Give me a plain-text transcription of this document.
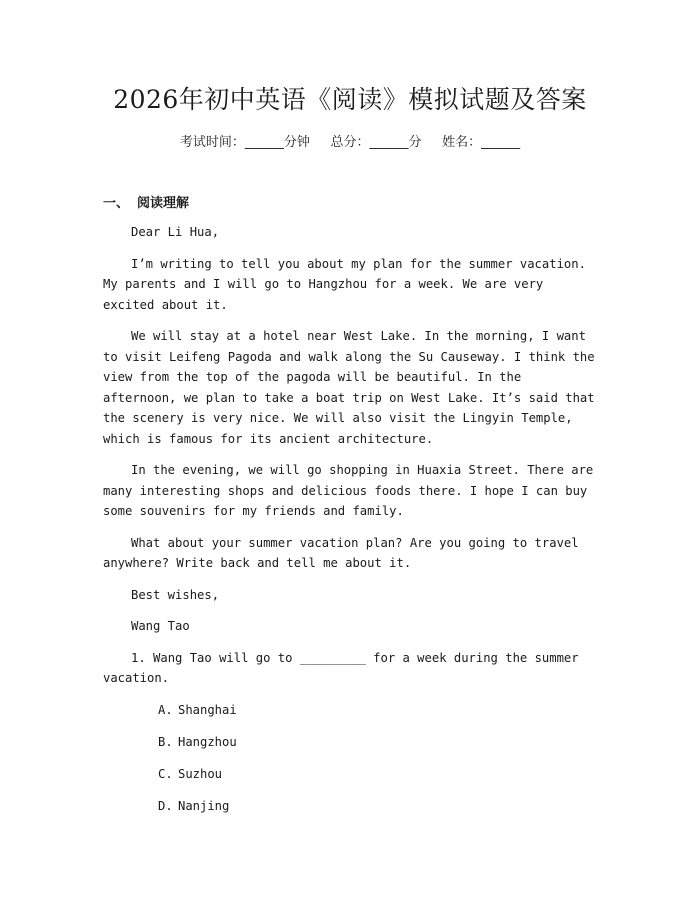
2026年初中英语《阅读》模拟试题及答案
考试时间：______分钟     总分：______分     姓名：______
一、 阅读理解

Dear Li Hua,

I’m writing to tell you about my plan for the summer vacation. My parents and I will go to Hangzhou for a week. We are very excited about it.

We will stay at a hotel near West Lake. In the morning, I want to visit Leifeng Pagoda and walk along the Su Causeway. I think the view from the top of the pagoda will be beautiful. In the afternoon, we plan to take a boat trip on West Lake. It’s said that the scenery is very nice. We will also visit the Lingyin Temple, which is famous for its ancient architecture.

In the evening, we will go shopping in Huaxia Street. There are many interesting shops and delicious foods there. I hope I can buy some souvenirs for my friends and family.

What about your summer vacation plan? Are you going to travel anywhere? Write back and tell me about it.

Best wishes,

Wang Tao

1. Wang Tao will go to _________ for a week during the summer vacation.

A. Shanghai
B. Hangzhou
C. Suzhou
D. Nanjing
